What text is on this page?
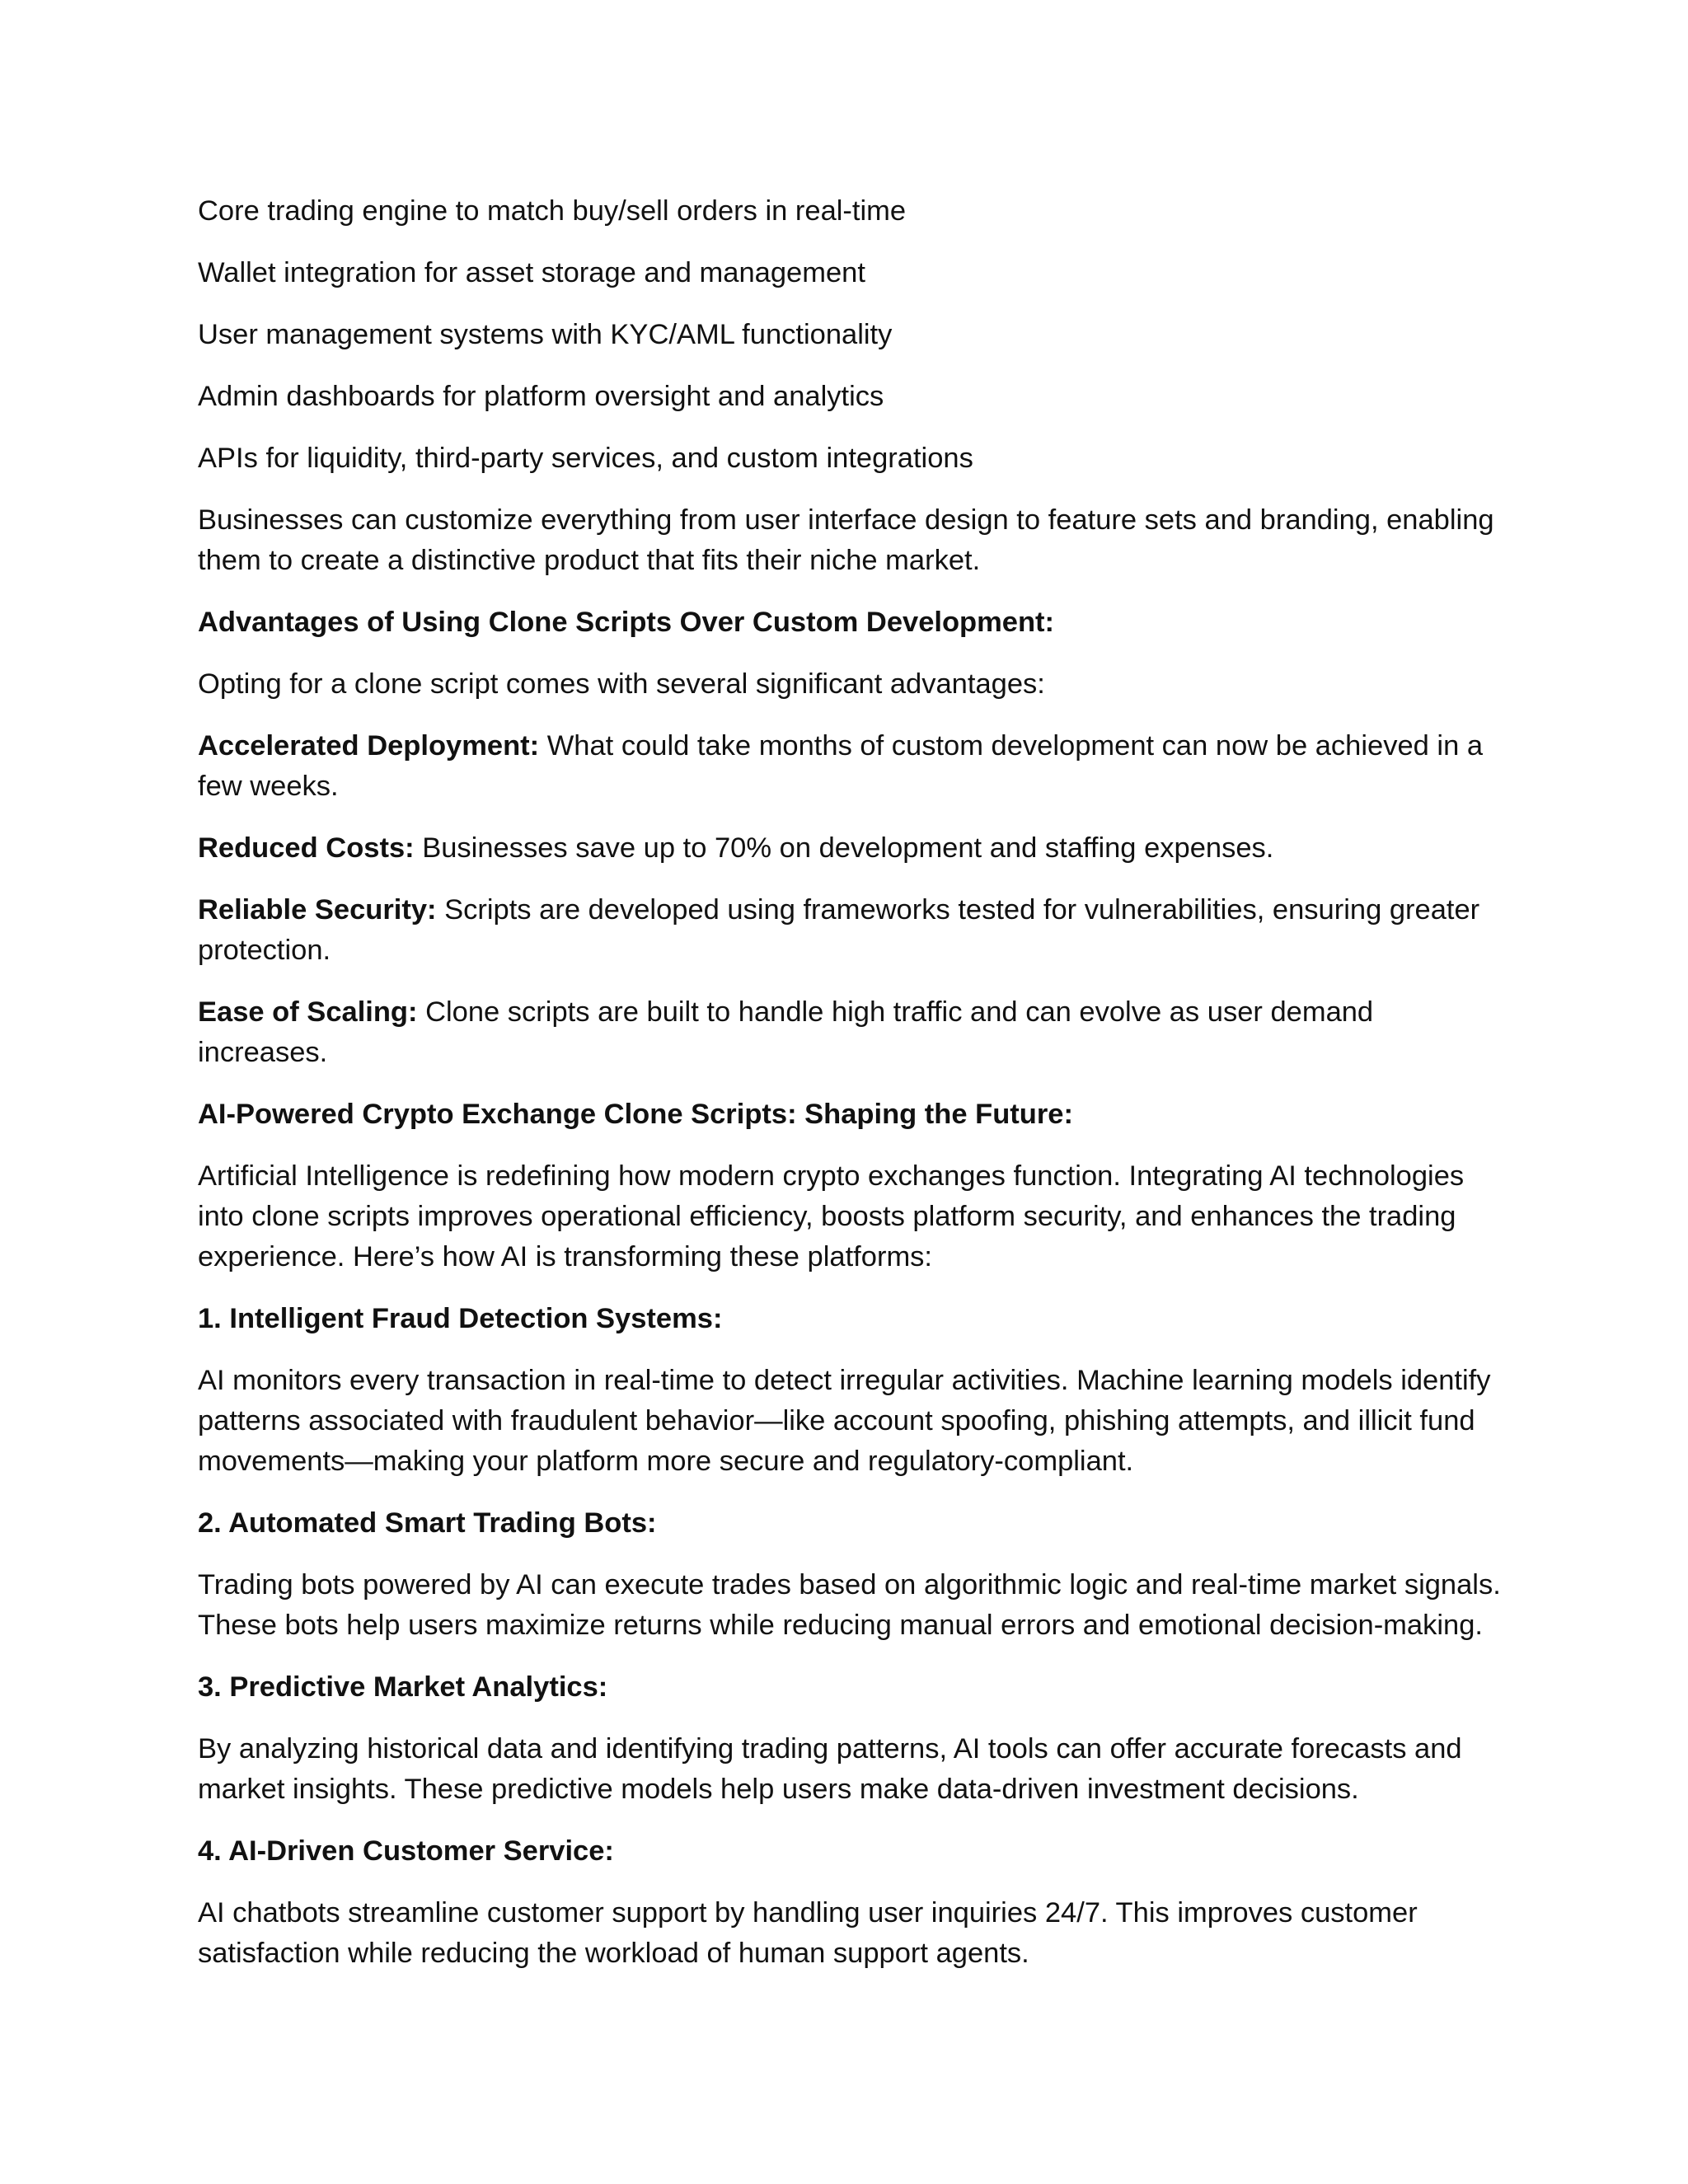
Core trading engine to match buy/sell orders in real-time

Wallet integration for asset storage and management

User management systems with KYC/AML functionality

Admin dashboards for platform oversight and analytics

APIs for liquidity, third-party services, and custom integrations

Businesses can customize everything from user interface design to feature sets and branding, enabling them to create a distinctive product that fits their niche market.

Advantages of Using Clone Scripts Over Custom Development:

Opting for a clone script comes with several significant advantages:

Accelerated Deployment: What could take months of custom development can now be achieved in a few weeks.

Reduced Costs: Businesses save up to 70% on development and staffing expenses.

Reliable Security: Scripts are developed using frameworks tested for vulnerabilities, ensuring greater protection.

Ease of Scaling: Clone scripts are built to handle high traffic and can evolve as user demand increases.

AI-Powered Crypto Exchange Clone Scripts: Shaping the Future:

Artificial Intelligence is redefining how modern crypto exchanges function. Integrating AI technologies into clone scripts improves operational efficiency, boosts platform security, and enhances the trading experience. Here’s how AI is transforming these platforms:

1. Intelligent Fraud Detection Systems:

AI monitors every transaction in real-time to detect irregular activities. Machine learning models identify patterns associated with fraudulent behavior—like account spoofing, phishing attempts, and illicit fund movements—making your platform more secure and regulatory-compliant.

2. Automated Smart Trading Bots:

Trading bots powered by AI can execute trades based on algorithmic logic and real-time market signals. These bots help users maximize returns while reducing manual errors and emotional decision-making.

3. Predictive Market Analytics:

By analyzing historical data and identifying trading patterns, AI tools can offer accurate forecasts and market insights. These predictive models help users make data-driven investment decisions.

4. AI-Driven Customer Service:

AI chatbots streamline customer support by handling user inquiries 24/7. This improves customer satisfaction while reducing the workload of human support agents.
